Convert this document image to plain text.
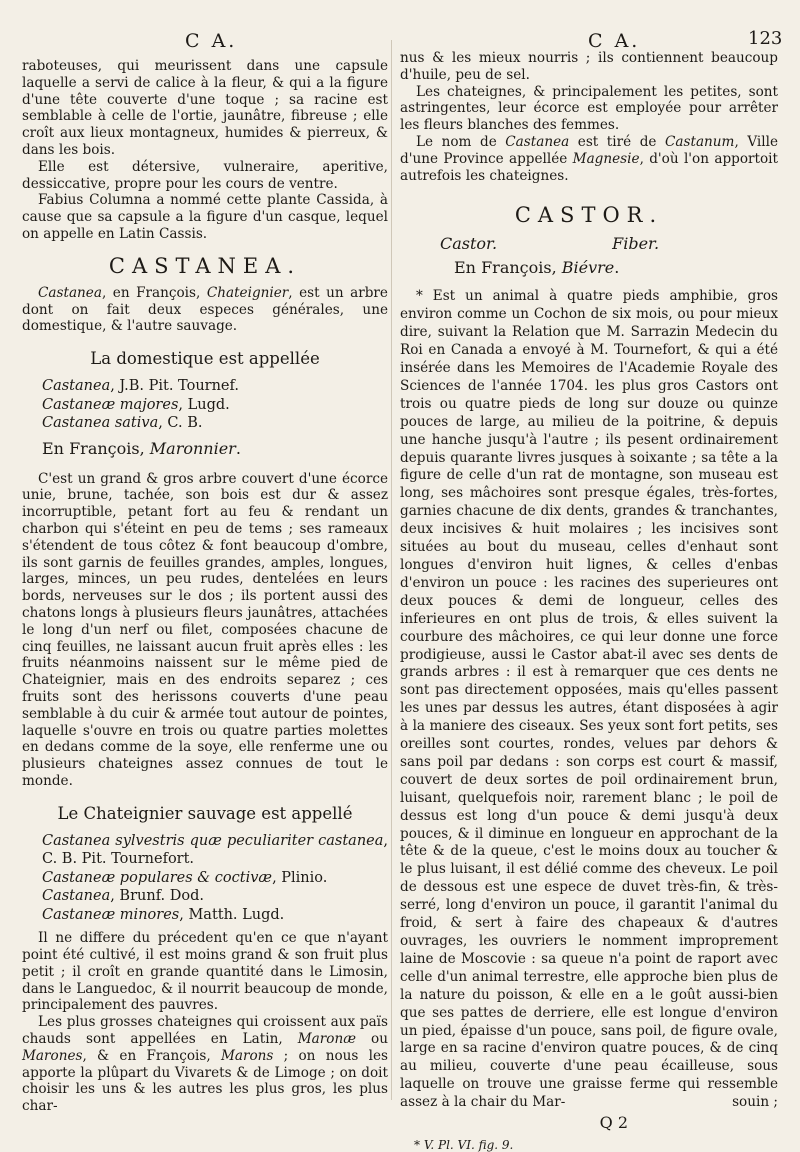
C A.	C A.	123

raboteuses, qui meurissent dans une capsule laquelle a servi de calice à la fleur, & qui a la figure d'une tête couverte d'une toque ; sa racine est semblable à celle de l'ortie, jaunâtre, fibreuse ; elle croît aux lieux montagneux, humides & pierreux, & dans les bois.

Elle est détersive, vulneraire, aperitive, dessiccative, propre pour les cours de ventre.

Fabius Columna a nommé cette plante Cassida, à cause que sa capsule a la figure d'un casque, lequel on appelle en Latin Cassis.

CASTANEA.

Castanea, en François, Chateignier, est un arbre dont on fait deux especes générales, une domestique, & l'autre sauvage.

La domestique est appellée

Castanea, J.B. Pit. Tournef.

Castaneæ majores, Lugd.

Castanea sativa, C. B.

En François, Maronnier.

C'est un grand & gros arbre couvert d'une écorce unie, brune, tachée, son bois est dur & assez incorruptible, petant fort au feu & rendant un charbon qui s'éteint en peu de tems ; ses rameaux s'étendent de tous côtez & font beaucoup d'ombre, ils sont garnis de feuilles grandes, amples, longues, larges, minces, un peu rudes, dentelées en leurs bords, nerveuses sur le dos ; ils portent aussi des chatons longs à plusieurs fleurs jaunâtres, attachées le long d'un nerf ou filet, composées chacune de cinq feuilles, ne laissant aucun fruit après elles : les fruits néanmoins naissent sur le même pied de Chateignier, mais en des endroits separez ; ces fruits sont des herissons couverts d'une peau semblable à du cuir & armée tout autour de pointes, laquelle s'ouvre en trois ou quatre parties molettes en dedans comme de la soye, elle renferme une ou plusieurs chateignes assez connues de tout le monde.

Le Chateignier sauvage est appellé

Castanea sylvestris quæ peculiariter castanea, C. B. Pit. Tournefort.

Castaneæ populares & coctivæ, Plinio.

Castanea, Brunf. Dod.

Castaneæ minores, Matth. Lugd.

Il ne differe du précedent qu'en ce que n'ayant point été cultivé, il est moins grand & son fruit plus petit ; il croît en grande quantité dans le Limosin, dans le Languedoc, & il nourrit beaucoup de monde, principalement des pauvres.

Les plus grosses chateignes qui croissent aux païs chauds sont appellées en Latin, Maronæ ou Marones, & en François, Marons ; on nous les apporte la plûpart du Vivarets & de Limoge ; on doit choisir les uns & les autres les plus gros, les plus char-

nus & les mieux nourris ; ils contiennent beaucoup d'huile, peu de sel.

Les chateignes, & principalement les petites, sont astringentes, leur écorce est employée pour arrêter les fleurs blanches des femmes.

Le nom de Castanea est tiré de Castanum, Ville d'une Province appellée Magnesie, d'où l'on apportoit autrefois les chateignes.

CASTOR.
Castor.	Fiber.

En François, Biévre.

* Est un animal à quatre pieds amphibie, gros environ comme un Cochon de six mois, ou pour mieux dire, suivant la Relation que M. Sarrazin Medecin du Roi en Canada a envoyé à M. Tournefort, & qui a été insérée dans les Memoires de l'Academie Royale des Sciences de l'année 1704. les plus gros Castors ont trois ou quatre pieds de long sur douze ou quinze pouces de large, au milieu de la poitrine, & depuis une hanche jusqu'à l'autre ; ils pesent ordinairement depuis quarante livres jusques à soixante ; sa tête a la figure de celle d'un rat de montagne, son museau est long, ses mâchoires sont presque égales, très-fortes, garnies chacune de dix dents, grandes & tranchantes, deux incisives & huit molaires ; les incisives sont situées au bout du museau, celles d'enhaut sont longues d'environ huit lignes, & celles d'enbas d'environ un pouce : les racines des superieures ont deux pouces & demi de longueur, celles des inferieures en ont plus de trois, & elles suivent la courbure des mâchoires, ce qui leur donne une force prodigieuse, aussi le Castor abat-il avec ses dents de grands arbres : il est à remarquer que ces dents ne sont pas directement opposées, mais qu'elles passent les unes par dessus les autres, étant disposées à agir à la maniere des ciseaux. Ses yeux sont fort petits, ses oreilles sont courtes, rondes, velues par dehors & sans poil par dedans : son corps est court & massif, couvert de deux sortes de poil ordinairement brun, luisant, quelquefois noir, rarement blanc ; le poil de dessus est long d'un pouce & demi jusqu'à deux pouces, & il diminue en longueur en approchant de la tête & de la queue, c'est le moins doux au toucher & le plus luisant, il est délié comme des cheveux. Le poil de dessous est une espece de duvet très-fin, & très-serré, long d'environ un pouce, il garantit l'animal du froid, & sert à faire des chapeaux & d'autres ouvrages, les ouvriers le nomment improprement laine de Moscovie : sa queue n'a point de raport avec celle d'un animal terrestre, elle approche bien plus de la nature du poisson, & elle en a le goût aussi-bien que ses pattes de derriere, elle est longue d'environ un pied, épaisse d'un pouce, sans poil, de figure ovale, large en sa racine d'environ quatre pouces, & de cinq au milieu, couverte d'une peau écailleuse, sous laquelle on trouve une graisse ferme qui ressemble assez à la chair du Mar-	souin ;

Q 2
* V. Pl. VI. fig. 9.
